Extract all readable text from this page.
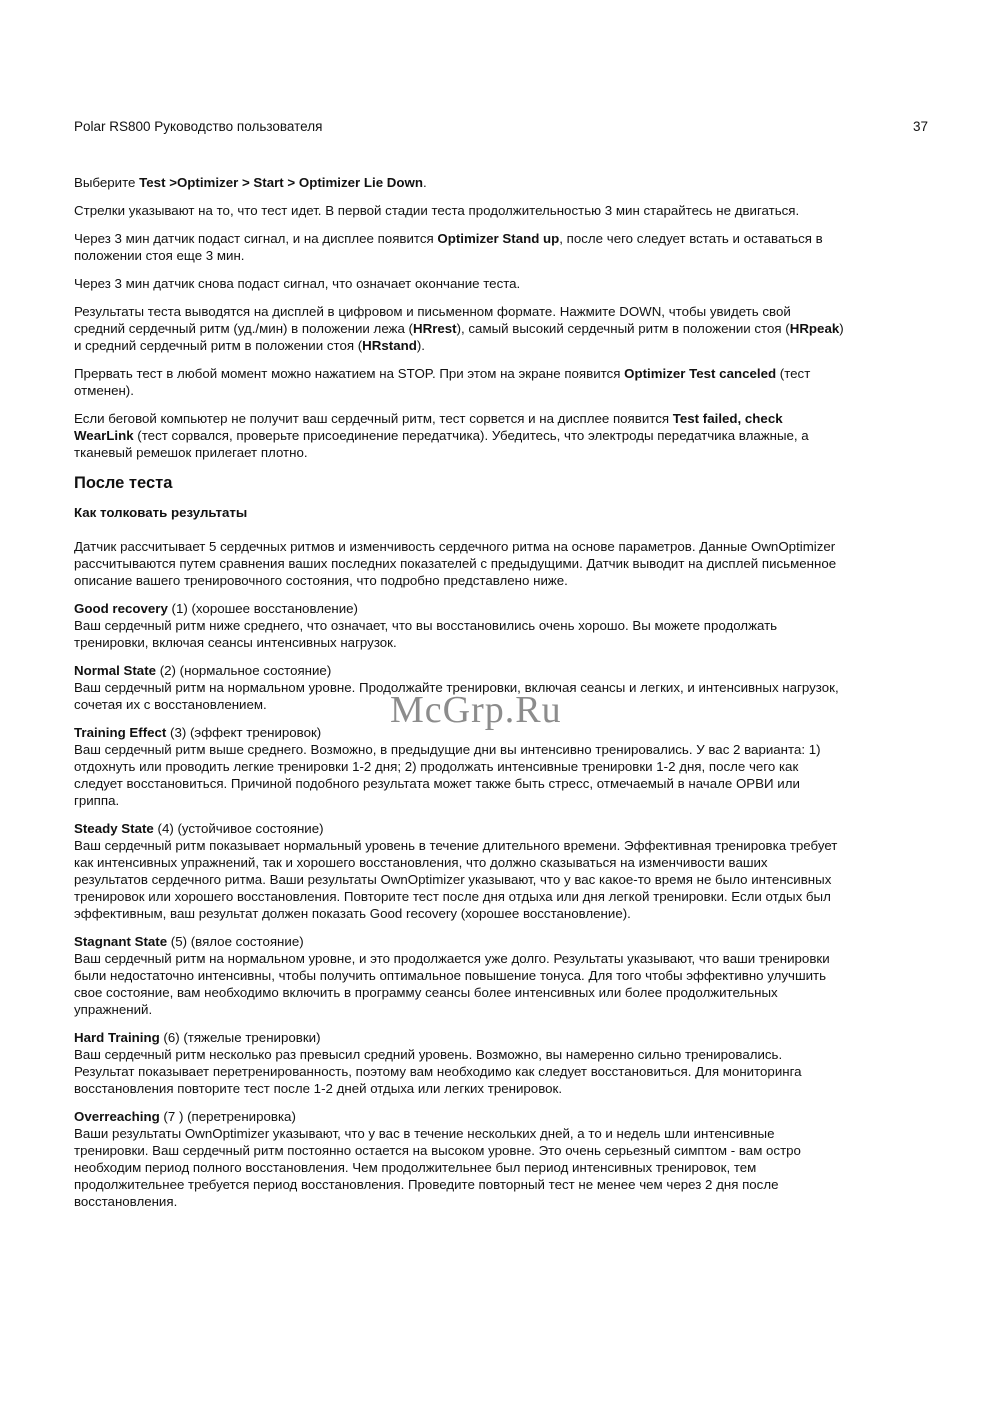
Polar RS800 Руководство пользователя	37

Выберите Test >Optimizer > Start > Optimizer Lie Down.

Стрелки указывают на то, что тест идет. В первой стадии теста продолжительностью 3 мин старайтесь не двигаться.

Через 3 мин датчик подаст сигнал, и на дисплее появится Optimizer Stand up, после чего следует встать и оставаться в положении стоя еще 3 мин.

Через 3 мин датчик снова подаст сигнал, что означает окончание теста.

Результаты теста выводятся на дисплей в цифровом и письменном формате. Нажмите DOWN, чтобы увидеть свой средний сердечный ритм (уд./мин) в положении лежа (HRrest), самый высокий сердечный ритм в положении стоя (HRpeak) и средний сердечный ритм в положении стоя (HRstand).

Прервать тест в любой момент можно нажатием на STOP. При этом на экране появится Optimizer Test canceled (тест отменен).

Если беговой компьютер не получит ваш сердечный ритм, тест сорвется и на дисплее появится Test failed, check WearLink (тест сорвался, проверьте присоединение передатчика). Убедитесь, что электроды передатчика влажные, а тканевый ремешок прилегает плотно.

После теста
Как толковать результаты

Датчик рассчитывает 5 сердечных ритмов и изменчивость сердечного ритма на основе параметров. Данные OwnOptimizer рассчитываются путем сравнения ваших последних показателей с предыдущими. Датчик выводит на дисплей письменное описание вашего тренировочного состояния, что подробно представлено ниже.

Good recovery (1) (хорошее восстановление)
Ваш сердечный ритм ниже среднего, что означает, что вы восстановились очень хорошо. Вы можете продолжать тренировки, включая сеансы интенсивных нагрузок.
Normal State (2) (нормальное состояние)
Ваш сердечный ритм на нормальном уровне. Продолжайте тренировки, включая сеансы и легких, и интенсивных нагрузок, сочетая их с восстановлением.
Training Effect (3) (эффект тренировок)
Ваш сердечный ритм выше среднего. Возможно, в предыдущие дни вы интенсивно тренировались. У вас 2 варианта: 1) отдохнуть или проводить легкие тренировки 1-2 дня; 2) продолжать интенсивные тренировки 1-2 дня, после чего как следует восстановиться. Причиной подобного результата может также быть стресс, отмечаемый в начале ОРВИ или гриппа.
Steady State (4) (устойчивое состояние)
Ваш сердечный ритм показывает нормальный уровень в течение длительного времени. Эффективная тренировка требует как интенсивных упражнений, так и хорошего восстановления, что должно сказываться на изменчивости ваших результатов сердечного ритма. Ваши результаты OwnOptimizer указывают, что у вас какое-то время не было интенсивных тренировок или хорошего восстановления. Повторите тест после дня отдыха или дня легкой тренировки. Если отдых был эффективным, ваш результат должен показать Good recovery (хорошее восстановление).
Stagnant State (5) (вялое состояние)
Ваш сердечный ритм на нормальном уровне, и это продолжается уже долго. Результаты указывают, что ваши тренировки были недостаточно интенсивны, чтобы получить оптимальное повышение тонуса. Для того чтобы эффективно улучшить свое состояние, вам необходимо включить в программу сеансы более интенсивных или более продолжительных упражнений.
Hard Training (6) (тяжелые тренировки)
Ваш сердечный ритм несколько раз превысил средний уровень. Возможно, вы намеренно сильно тренировались. Результат показывает перетренированность, поэтому вам необходимо как следует восстановиться. Для мониторинга восстановления повторите тест после 1-2 дней отдыха или легких тренировок.
Overreaching (7 ) (перетренировка)
Ваши результаты OwnOptimizer указывают, что у вас в течение нескольких дней, а то и недель шли интенсивные тренировки. Ваш сердечный ритм постоянно остается на высоком уровне. Это очень серьезный симптом - вам остро необходим период полного восстановления. Чем продолжительнее был период интенсивных тренировок, тем продолжительнее требуется период восстановления. Проведите повторный тест не менее чем через 2 дня после восстановления.
McGrp.Ru
